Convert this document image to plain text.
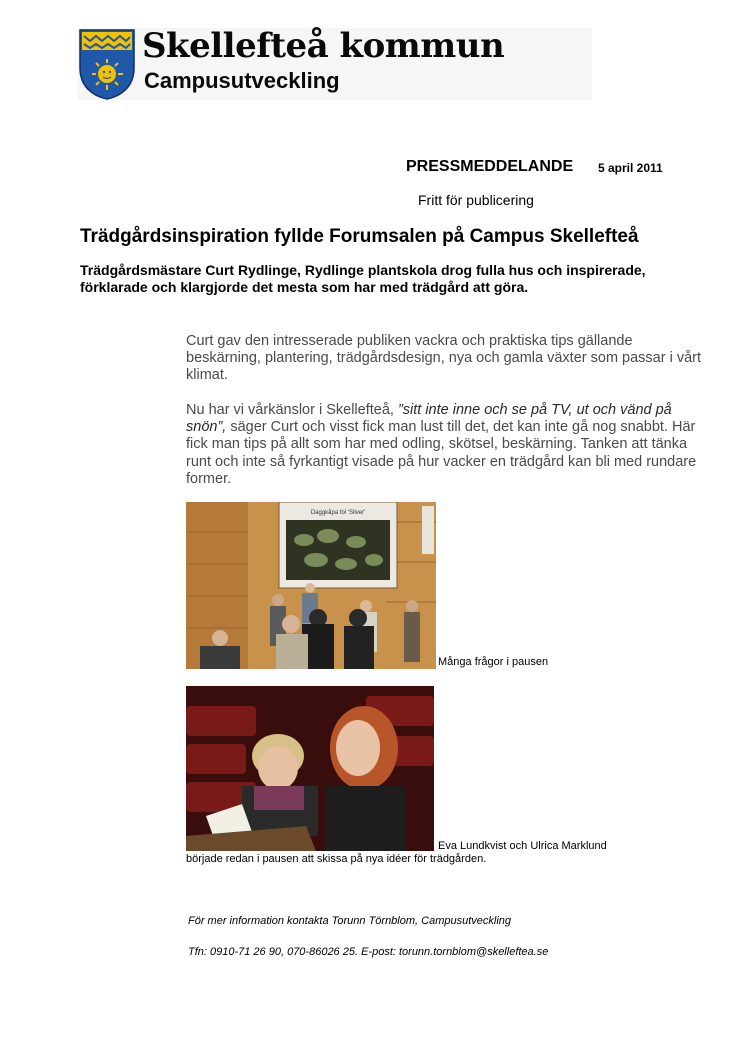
Skellefteå kommun
Campusutveckling
PRESSMEDDELANDE 5 april 2011
Fritt för publicering
Trädgårdsinspiration fyllde Forumsalen på Campus Skellefteå
Trädgårdsmästare Curt Rydlinge, Rydlinge plantskola drog fulla hus och inspirerade, förklarade och klargjorde det mesta som har med trädgård att göra.
Curt gav den intresserade publiken vackra och praktiska tips gällande beskärning, plantering, trädgårdsdesign, nya och gamla växter som passar i vårt klimat.
Nu har vi vårkänslor i Skellefteå, ”sitt inte inne och se på TV, ut och vänd på snön”, säger Curt och visst fick man lust till det, det kan inte gå nog snabbt. Här fick man tips på allt som har med odling, skötsel, beskärning. Tanken att tänka runt och inte så fyrkantigt visade på hur vacker en trädgård kan bli med rundare former.
Daggkåpa fol 'Silver'
Många frågor i pausen
Eva Lundkvist och Ulrica Marklund
började redan i pausen att skissa på nya idéer för trädgården.
För mer information kontakta Torunn Törnblom, Campusutveckling
Tfn: 0910-71 26 90, 070-86026 25. E-post: torunn.tornblom@skelleftea.se
